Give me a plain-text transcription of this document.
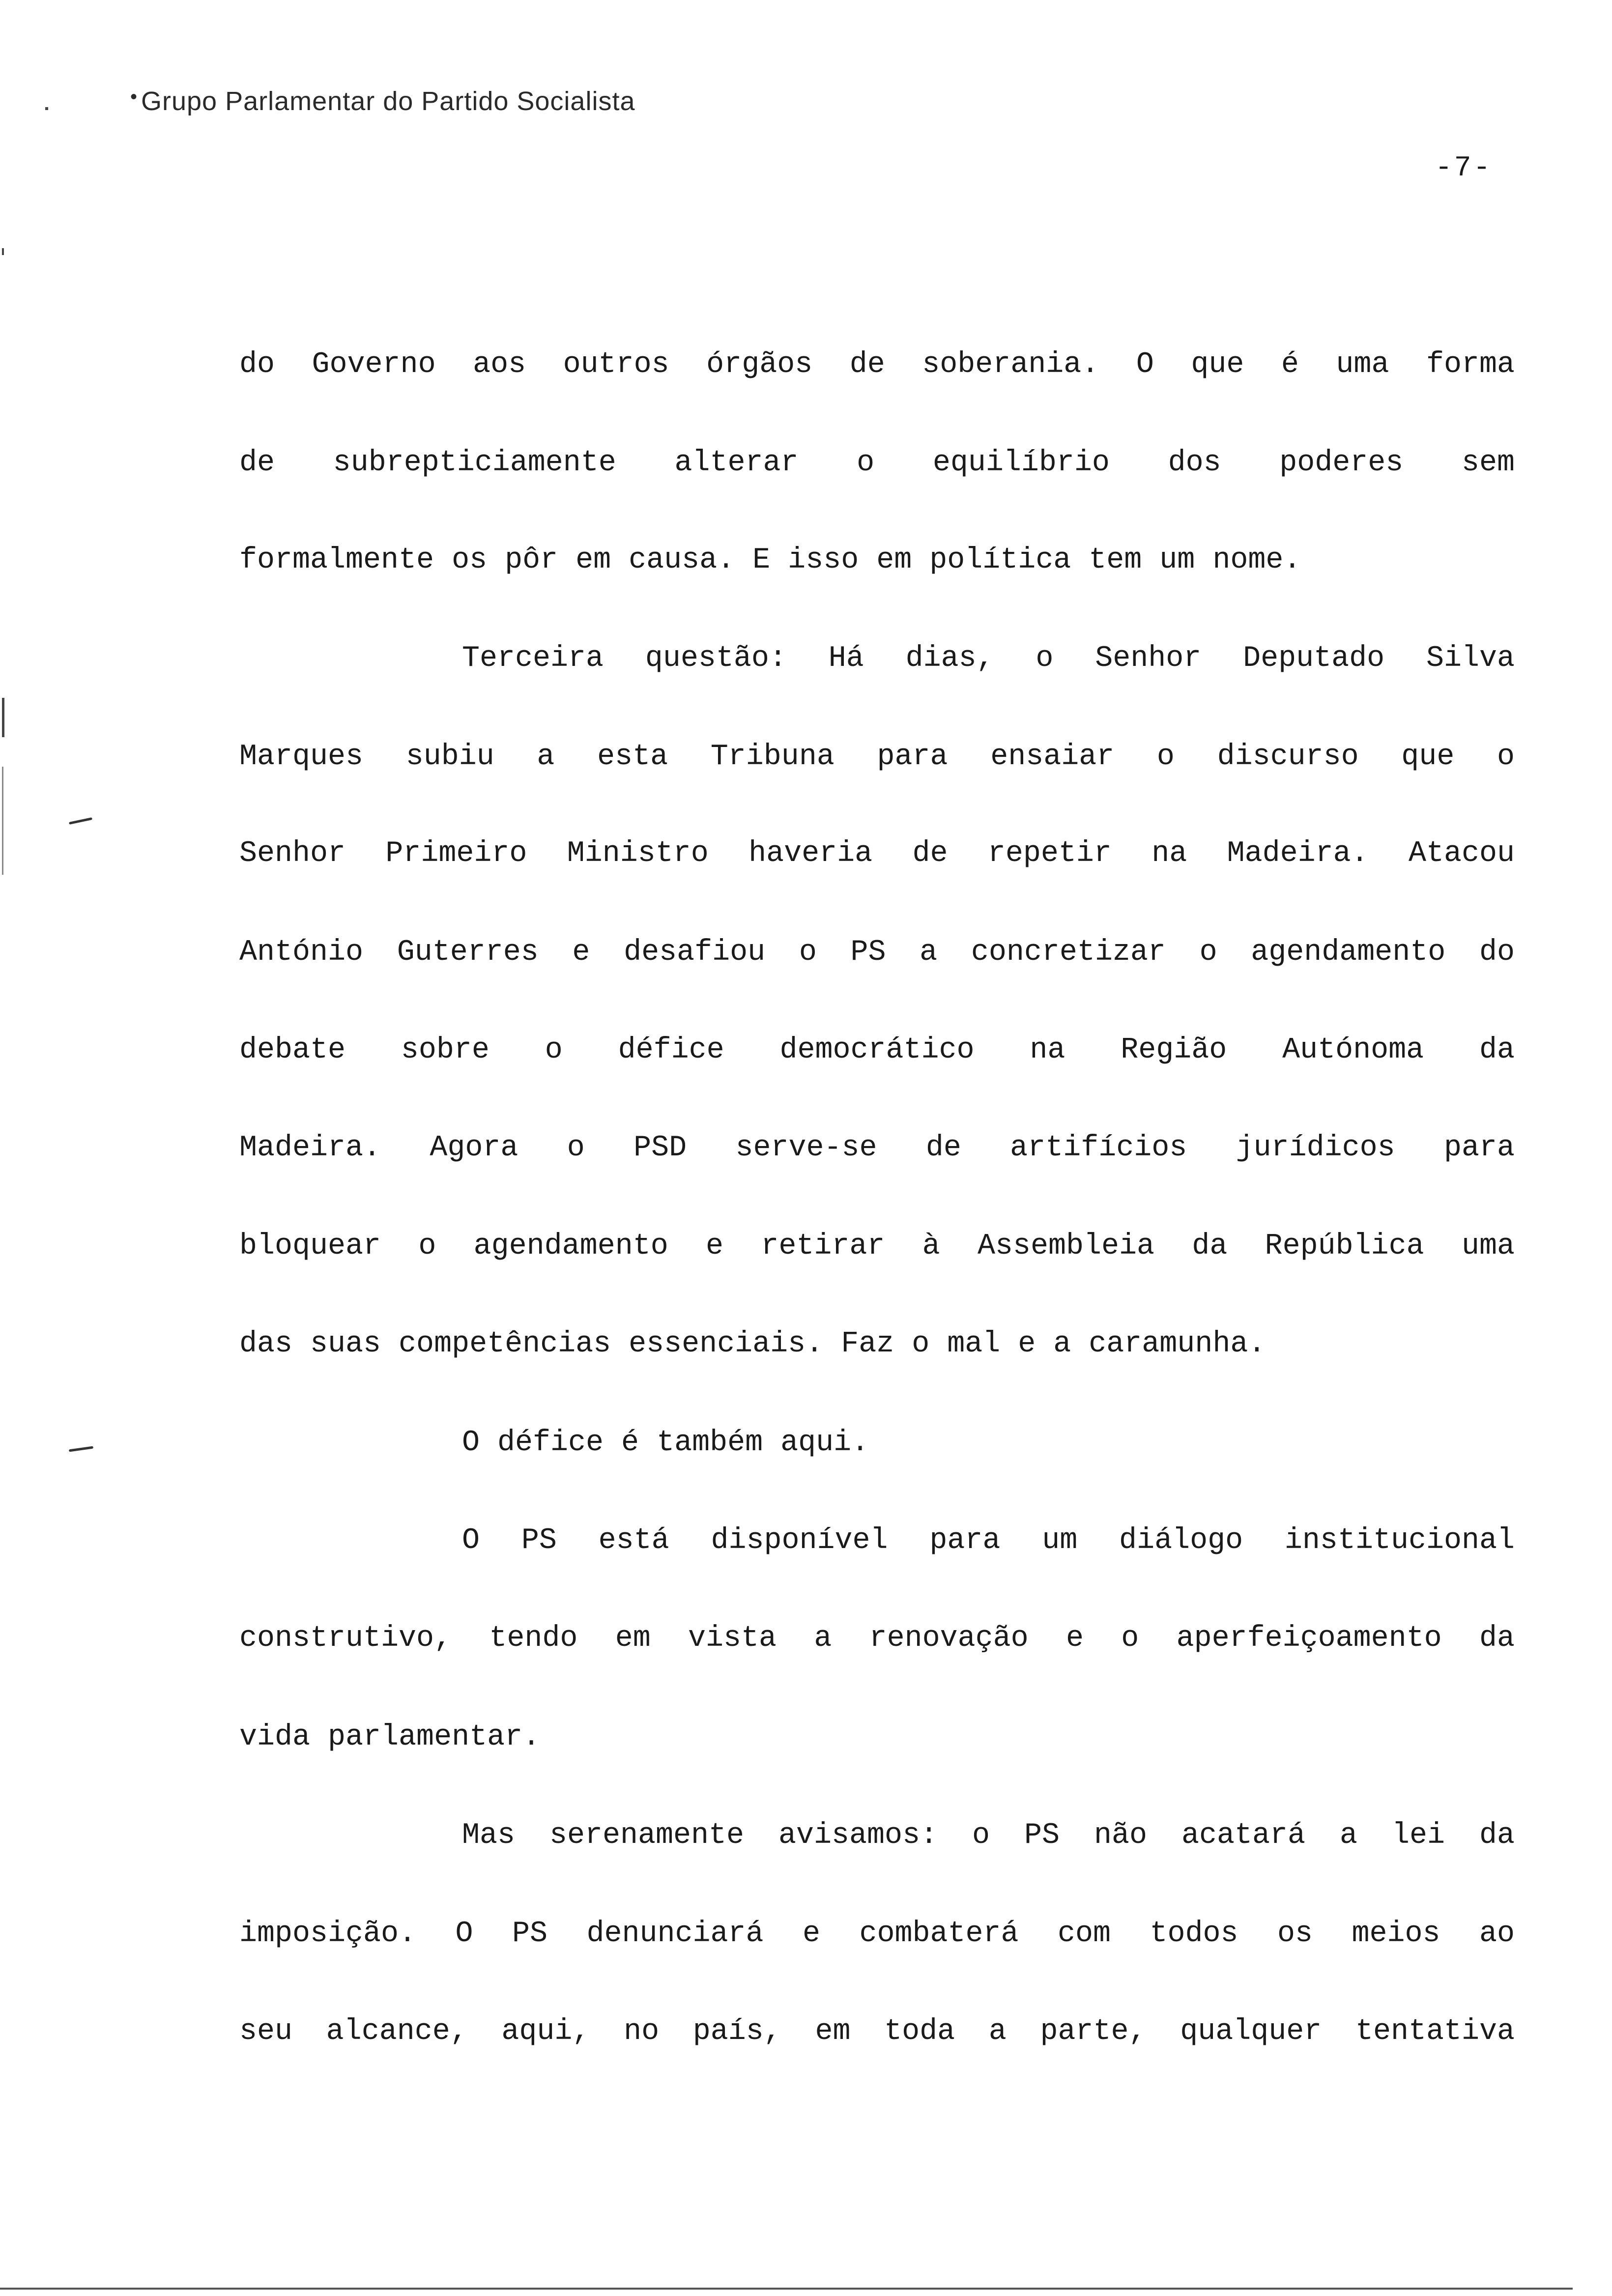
• Grupo Parlamentar do Partido Socialista
-7-
do Governo aos outros órgãos de soberania. O que é uma forma
de subrepticiamente alterar o equilíbrio dos poderes sem
formalmente os pôr em causa. E isso em política tem um nome.
Terceira questão: Há dias, o Senhor Deputado Silva
Marques subiu a esta Tribuna para ensaiar o discurso que o
Senhor Primeiro Ministro haveria de repetir na Madeira. Atacou
António Guterres e desafiou o PS a concretizar o agendamento do
debate sobre o défice democrático na Região Autónoma da
Madeira. Agora o PSD serve-se de artifícios jurídicos para
bloquear o agendamento e retirar à Assembleia da República uma
das suas competências essenciais. Faz o mal e a caramunha.
O défice é também aqui.
O PS está disponível para um diálogo institucional
construtivo, tendo em vista a renovação e o aperfeiçoamento da
vida parlamentar.
Mas serenamente avisamos: o PS não acatará a lei da
imposição. O PS denunciará e combaterá com todos os meios ao
seu alcance, aqui, no país, em toda a parte, qualquer tentativa
